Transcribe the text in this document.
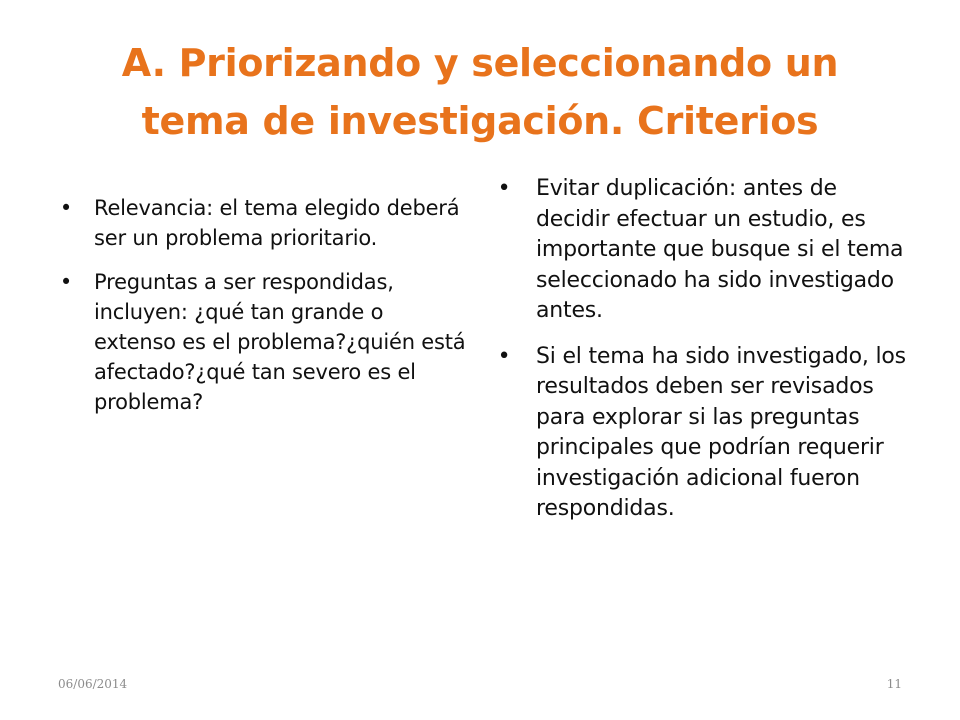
A. Priorizando y seleccionando un
tema de investigación. Criterios
• Relevancia: el tema elegido deberá ser un problema prioritario.
• Preguntas a ser respondidas, incluyen: ¿qué tan grande o extenso es el problema?¿quién está afectado?¿qué tan severo es el problema?
• Evitar duplicación: antes de decidir efectuar un estudio, es importante que busque si el tema seleccionado ha sido investigado antes.
• Si el tema ha sido investigado, los resultados deben ser revisados para explorar si las preguntas principales que podrían requerir investigación adicional fueron respondidas.
06/06/2014	11
